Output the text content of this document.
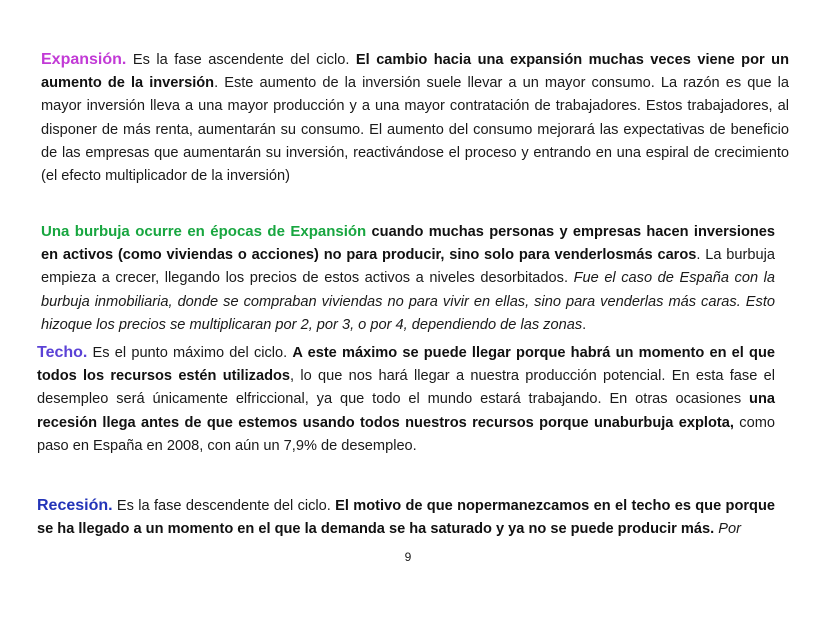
Expansión. Es la fase ascendente del ciclo. El cambio hacia una expansión muchas veces viene por un aumento de la inversión. Este aumento de la inversión suele llevar a un mayor consumo. La razón es que la mayor inversión lleva a una mayor producción y a una mayor contratación de trabajadores. Estos trabajadores, al disponer de más renta, aumentarán su consumo. El aumento del consumo mejorará las expectativas de beneficio de las empresas que aumentarán su inversión, reactivándose el proceso y entrando en una espiral de crecimiento (el efecto multiplicador de la inversión)

Una burbuja ocurre en épocas de Expansión cuando muchas personas y empresas hacen inversiones en activos (como viviendas o acciones) no para producir, sino solo para venderlosmás caros. La burbuja empieza a crecer, llegando los precios de estos activos a niveles desorbitados. Fue el caso de España con la burbuja inmobiliaria, donde se compraban viviendas no para vivir en ellas, sino para venderlas más caras. Esto hizoque los precios se multiplicaran por 2, por 3, o por 4, dependiendo de las zonas.

Techo. Es el punto máximo del ciclo. A este máximo se puede llegar porque habrá un momento en el que todos los recursos estén utilizados, lo que nos hará llegar a nuestra producción potencial. En esta fase el desempleo será únicamente elfriccional, ya que todo el mundo estará trabajando. En otras ocasiones una recesión llega antes de que estemos usando todos nuestros recursos porque unaburbuja explota, como paso en España en 2008, con aún un 7,9% de desempleo.

Recesión. Es la fase descendente del ciclo. El motivo de que nopermanezcamos en el techo es que porque se ha llegado a un momento en el que la demanda se ha saturado y ya no se puede producir más. Por

9
